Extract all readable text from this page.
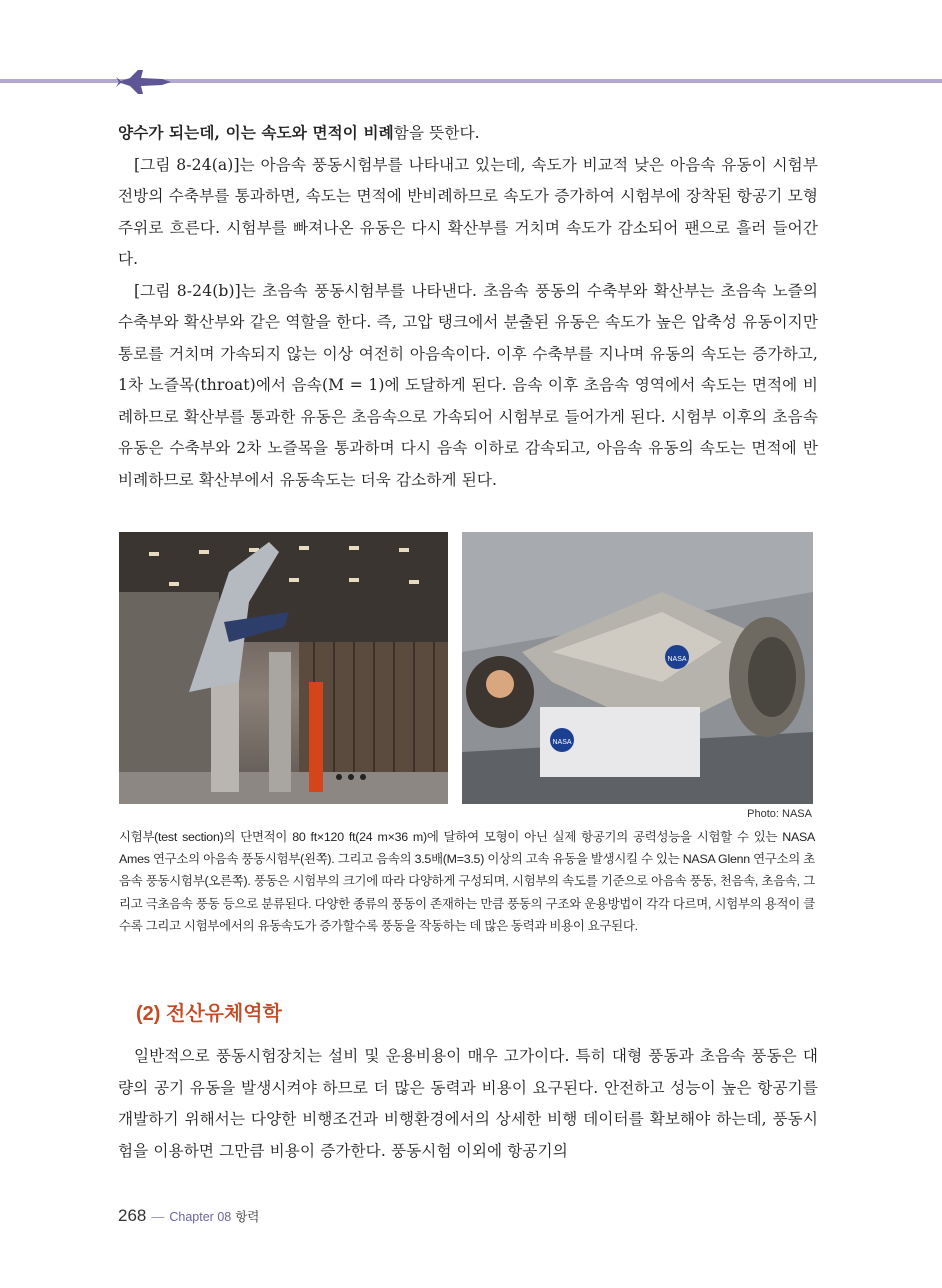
양수가 되는데, 이는 속도와 면적이 비례함을 뜻한다.

[그림 8-24(a)]는 아음속 풍동시험부를 나타내고 있는데, 속도가 비교적 낮은 아음속 유동이 시험부 전방의 수축부를 통과하면, 속도는 면적에 반비례하므로 속도가 증가하여 시험부에 장착된 항공기 모형 주위로 흐른다. 시험부를 빠져나온 유동은 다시 확산부를 거치며 속도가 감소되어 팬으로 흘러 들어간다.

[그림 8-24(b)]는 초음속 풍동시험부를 나타낸다. 초음속 풍동의 수축부와 확산부는 초음속 노즐의 수축부와 확산부와 같은 역할을 한다. 즉, 고압 탱크에서 분출된 유동은 속도가 높은 압축성 유동이지만 통로를 거치며 가속되지 않는 이상 여전히 아음속이다. 이후 수축부를 지나며 유동의 속도는 증가하고, 1차 노즐목(throat)에서 음속(M = 1)에 도달하게 된다. 음속 이후 초음속 영역에서 속도는 면적에 비례하므로 확산부를 통과한 유동은 초음속으로 가속되어 시험부로 들어가게 된다. 시험부 이후의 초음속 유동은 수축부와 2차 노즐목을 통과하며 다시 음속 이하로 감속되고, 아음속 유동의 속도는 면적에 반비례하므로 확산부에서 유동속도는 더욱 감소하게 된다.

NASA
NASA
Photo: NASA
시험부(test section)의 단면적이 80 ft×120 ft(24 m×36 m)에 달하여 모형이 아닌 실제 항공기의 공력성능을 시험할 수 있는 NASA Ames 연구소의 아음속 풍동시험부(왼쪽). 그리고 음속의 3.5배(M=3.5) 이상의 고속 유동을 발생시킬 수 있는 NASA Glenn 연구소의 초음속 풍동시험부(오른쪽). 풍동은 시험부의 크기에 따라 다양하게 구성되며, 시험부의 속도를 기준으로 아음속 풍동, 천음속, 초음속, 그리고 극초음속 풍동 등으로 분류된다. 다양한 종류의 풍동이 존재하는 만큼 풍동의 구조와 운용방법이 각각 다르며, 시험부의 용적이 클수록 그리고 시험부에서의 유동속도가 증가할수록 풍동을 작동하는 데 많은 동력과 비용이 요구된다.
(2) 전산유체역학

일반적으로 풍동시험장치는 설비 및 운용비용이 매우 고가이다. 특히 대형 풍동과 초음속 풍동은 대량의 공기 유동을 발생시켜야 하므로 더 많은 동력과 비용이 요구된다. 안전하고 성능이 높은 항공기를 개발하기 위해서는 다양한 비행조건과 비행환경에서의 상세한 비행 데이터를 확보해야 하는데, 풍동시험을 이용하면 그만큼 비용이 증가한다. 풍동시험 이외에 항공기의

268 — Chapter 08 항력
